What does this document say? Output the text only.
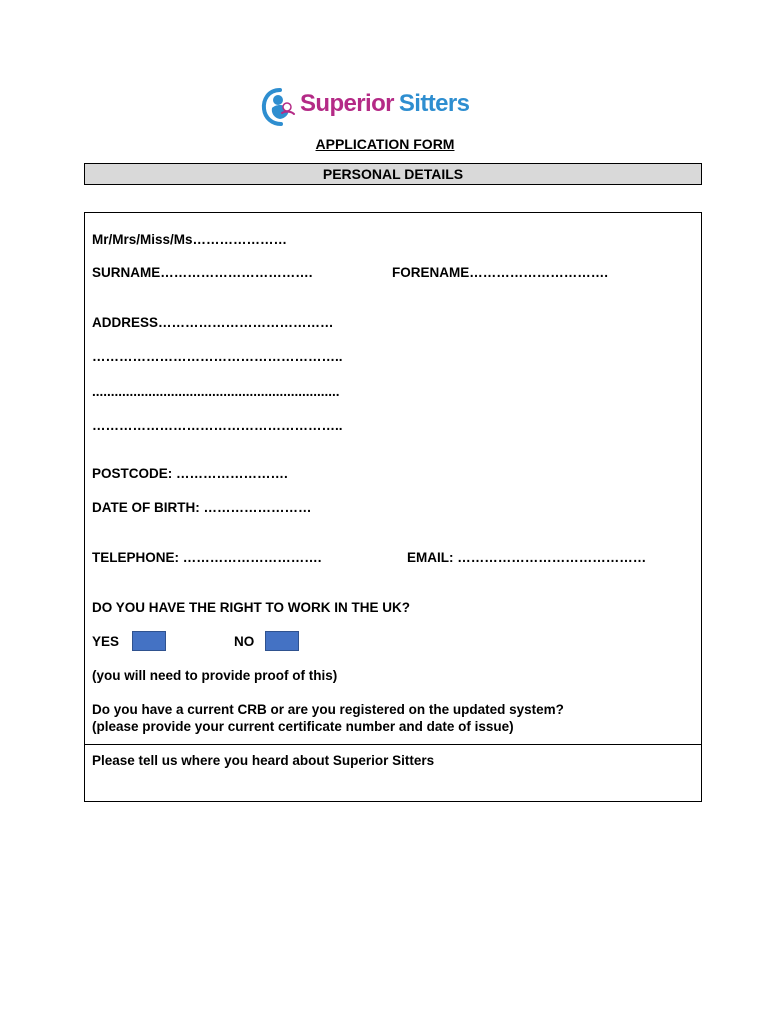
Superior Sitters
APPLICATION FORM
PERSONAL DETAILS
Mr/Mrs/Miss/Ms…………………
SURNAME…………………………….	FORENAME………………………….
ADDRESS…………………………………
………………………………………………..
..................................................................
………………………………………………..
POSTCODE: …………………….
DATE OF BIRTH: ……………………
TELEPHONE: ………………………….	EMAIL: ……………………………………
DO YOU HAVE THE RIGHT TO WORK IN THE UK?
YES	NO
(you will need to provide proof of this)
Do you have a current CRB or are you registered on the updated system?
(please provide your current certificate number and date of issue)
Please tell us where you heard about Superior Sitters
